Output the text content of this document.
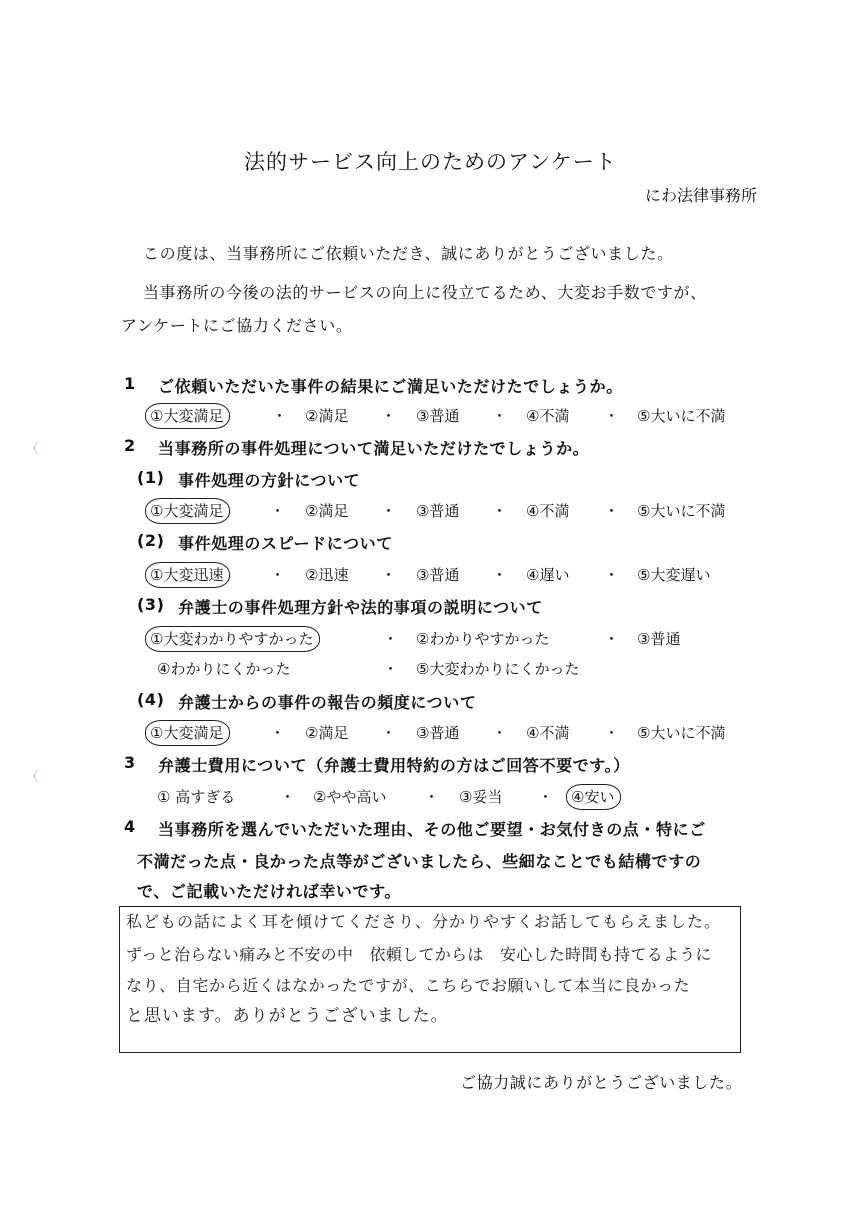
法的サービス向上のためのアンケート
にわ法律事務所
この度は、当事務所にご依頼いただき、誠にありがとうございました。
当事務所の今後の法的サービスの向上に役立てるため、大変お手数ですが、
アンケートにご協力ください。
1 ご依頼いただいた事件の結果にご満足いただけたでしょうか。
①大変満足	・ ②満足 ・ ③普通 ・ ④不満 ・ ⑤大いに不満
2 当事務所の事件処理について満足いただけたでしょうか。
(1) 事件処理の方針について
①大変満足	・ ②満足 ・ ③普通 ・ ④不満 ・ ⑤大いに不満
(2) 事件処理のスピードについて
①大変迅速	・ ②迅速 ・ ③普通 ・ ④遅い ・ ⑤大変遅い
(3) 弁護士の事件処理方針や法的事項の説明について
①大変わかりやすかった	・ ②わかりやすかった	・ ③普通
④わかりにくかった	・ ⑤大変わかりにくかった
(4) 弁護士からの事件の報告の頻度について
①大変満足	・ ②満足 ・ ③普通 ・ ④不満 ・ ⑤大いに不満
3 弁護士費用について（弁護士費用特約の方はご回答不要です。）
① 高すぎる	・ ②やや高い	・ ③妥当 ・	④安い
4 当事務所を選んでいただいた理由、その他ご要望・お気付きの点・特にご
不満だった点・良かった点等がございましたら、些細なことでも結構ですの
で、ご記載いただければ幸いです。
私どもの話によく耳を傾けてくださり、分かりやすくお話してもらえました。
ずっと治らない痛みと不安の中　依頼してからは　安心した時間も持てるように
なり、自宅から近くはなかったですが、こちらでお願いして本当に良かった
と思います。ありがとうございました。
ご協力誠にありがとうございました。
